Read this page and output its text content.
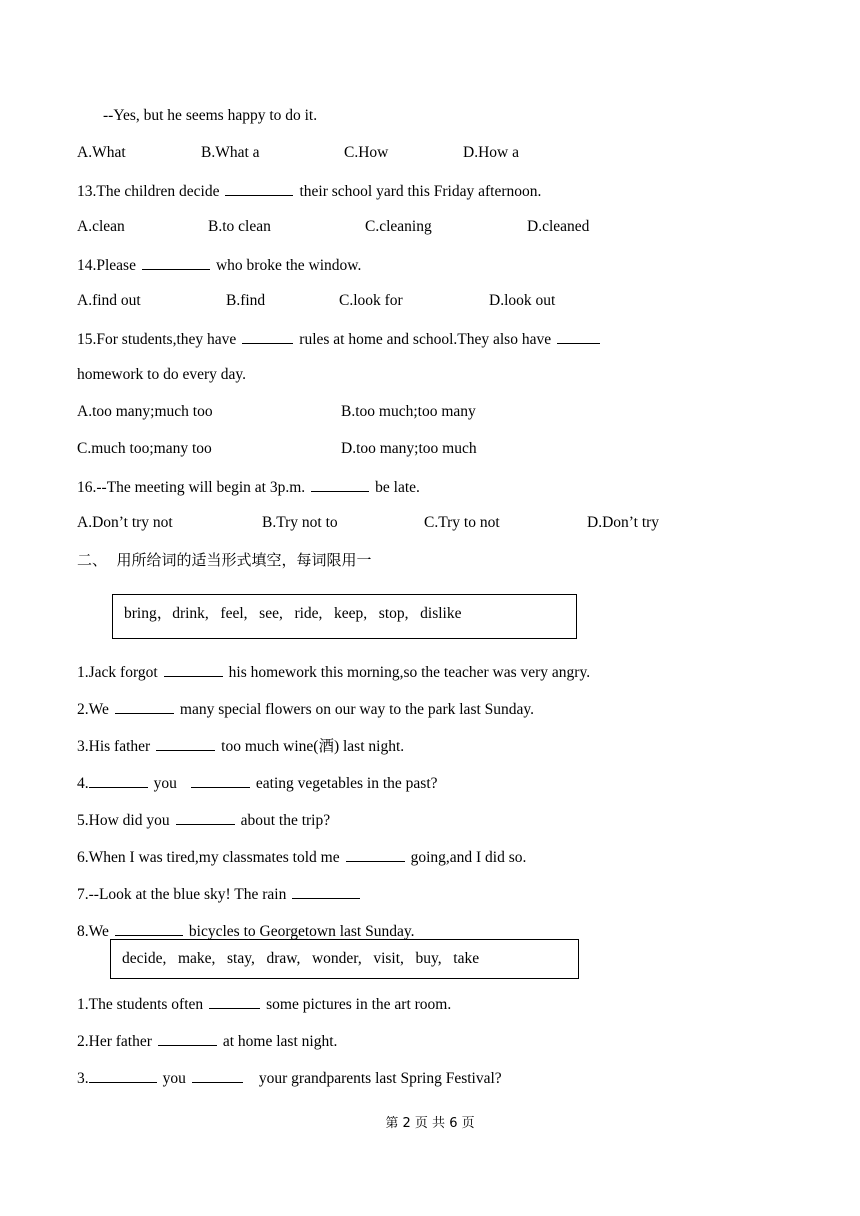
--Yes, but he seems happy to do it.
A.What	B.What a	C.How	D.How a
13.The children decide	their school yard this Friday afternoon.
A.clean	B.to clean	C.cleaning	D.cleaned
14.Please	who broke the window.
A.find out	B.find	C.look for	D.look out
15.For students,they have	rules at home and school.They also have
homework to do every day.
A.too many;much too	B.too much;too many
C.much too;many too	D.too many;too much
16.--The meeting will begin at 3p.m.	be late.
A.Don’t try not	B.Try not to	C.Try to not	D.Don’t try
二、  用所给词的适当形式填空，每词限用一
bring，drink,   feel,   see,   ride,   keep,   stop,   dislike
1.Jack forgot	his homework this morning,so the teacher was very angry.
2.We	many special flowers on our way to the park last Sunday.
3.His father	too much wine(酒) last night.
4.	you	eating vegetables in the past?
5.How did you	about the trip?
6.When I was tired,my classmates told me	going,and I did so.
7.--Look at the blue sky! The rain
8.We	bicycles to Georgetown last Sunday.
decide,   make,   stay,   draw,   wonder,   visit,   buy,   take
1.The students often	some pictures in the art room.
2.Her father	at home last night.
3.	you	your grandparents last Spring Festival?
第 2 页 共 6 页
